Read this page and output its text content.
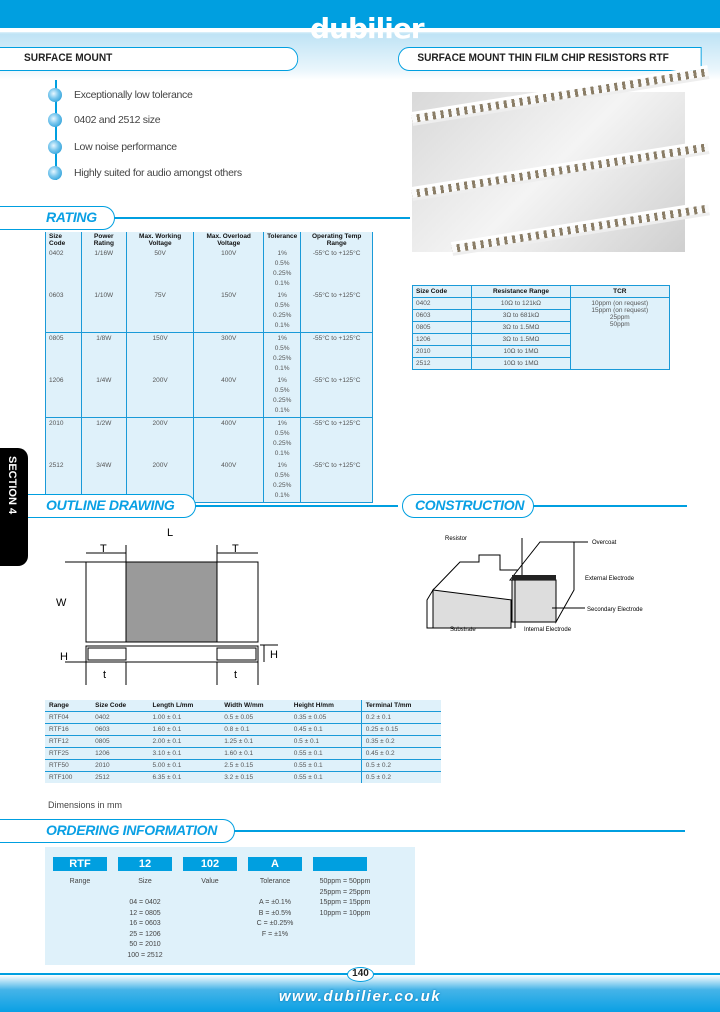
dubilier
SURFACE MOUNT	SURFACE MOUNT THIN FILM CHIP RESISTORS RTF
RATING
Size Code	Power Rating	Max. Working Voltage	Max. Overload Voltage	Tolerance	Operating Temp Range
0402	1/16W	50V	100V	1%
0.5%
0.25%
0.1%	-55°C to +125°C
0603	1/10W	75V	150V	1%
0.5%
0.25%
0.1%	-55°C to +125°C
0805	1/8W	150V	300V	1%
0.5%
0.25%
0.1%	-55°C to +125°C
1206	1/4W	200V	400V	1%
0.5%
0.25%
0.1%	-55°C to +125°C
2010	1/2W	200V	400V	1%
0.5%
0.25%
0.1%	-55°C to +125°C
2512	3/4W	200V	400V	1%
0.5%
0.25%
0.1%	-55°C to +125°C
Size Code	Resistance Range	TCR
0402	10Ω to 121kΩ	10ppm (on request)
15ppm (on request)
25ppm
50ppm

0603	3Ω to 681kΩ	
0805	3Ω to 1.5MΩ	
1206	3Ω to 1.5MΩ	
2010	10Ω to 1MΩ	
2512	10Ω to 1MΩ	
SECTION 4	OUTLINE DRAWING
L
T	T
W
H	H
t	t
CONSTRUCTION
Resistor
Overcoat
External Electrode
Secondary Electrode
Substrate	Internal Electrode
Range	Size Code	Length L/mm	Width W/mm	Height H/mm	Terminal T/mm
RTF04	0402	1.00 ± 0.1	0.5 ± 0.05	0.35 ± 0.05	0.2 ± 0.1
RTF16	0603	1.60 ± 0.1	0.8 ± 0.1	0.45 ± 0.1	0.25 ± 0.15
RTF12	0805	2.00 ± 0.1	1.25 ± 0.1	0.5 ± 0.1	0.35 ± 0.2
RTF25	1206	3.10 ± 0.1	1.60 ± 0.1	0.55 ± 0.1	0.45 ± 0.2
RTF50	2010	5.00 ± 0.1	2.5 ± 0.15	0.55 ± 0.1	0.5 ± 0.2
RTF100	2512	6.35 ± 0.1	3.2 ± 0.15	0.55 ± 0.1	0.5 ± 0.2
Dimensions in mm
ORDERING INFORMATION
RTF
Range
12
Size

04 = 0402
12 = 0805
16 = 0603
25 = 1206
50 = 2010
100 = 2512
102
Value
A
Tolerance

A = ±0.1%
B = ±0.5%
C = ±0.25%
F = ±1%
50ppm = 50ppm
25ppm = 25ppm
15ppm = 15ppm
10ppm = 10ppm
140
www.dubilier.co.uk
Exceptionally low tolerance
0402 and 2512 size
Low noise performance
Highly suited for audio amongst others
